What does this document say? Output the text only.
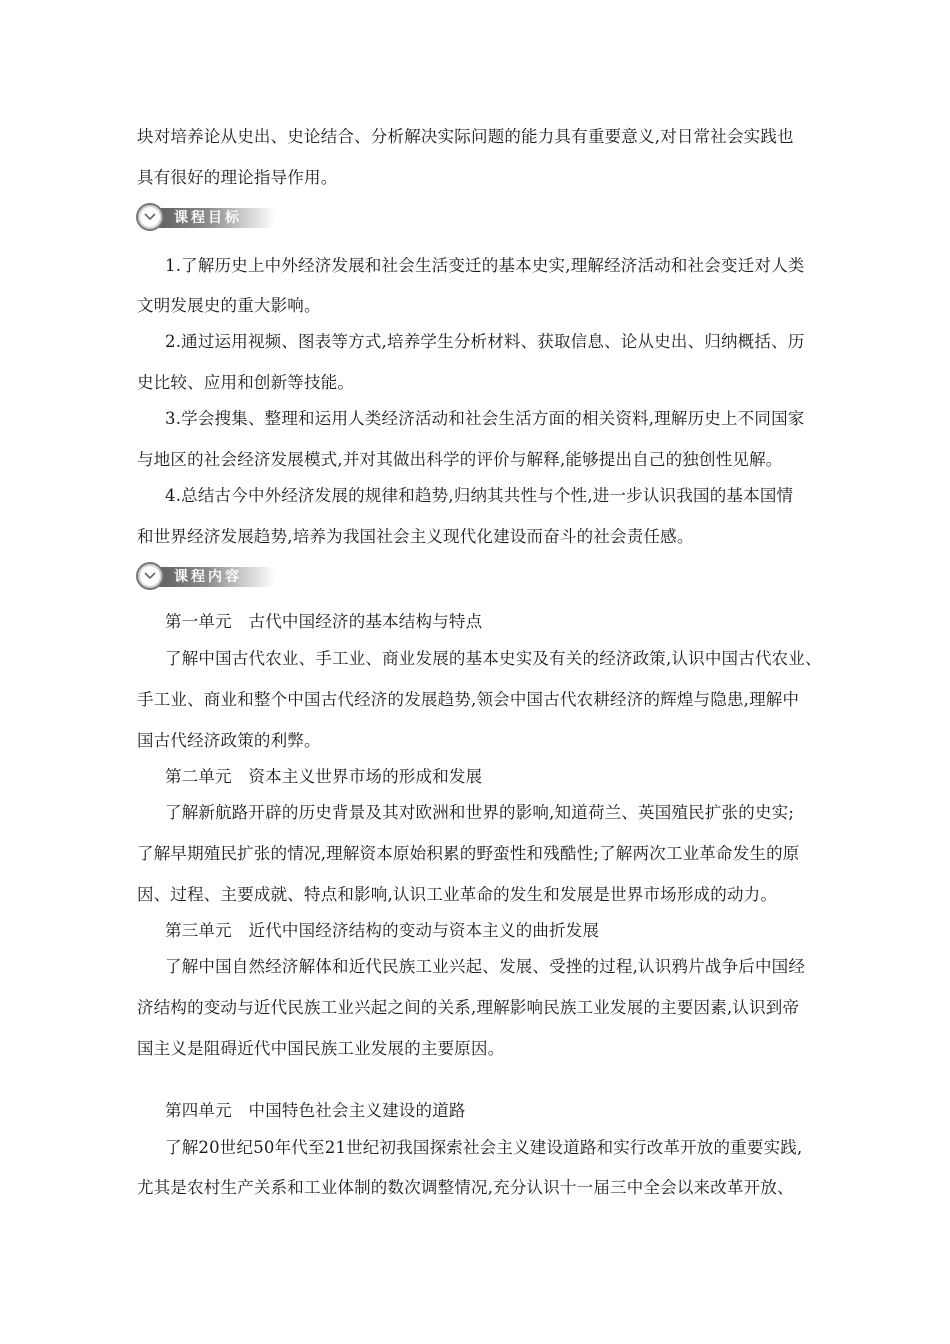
块对培养论从史出、史论结合、分析解决实际问题的能力具有重要意义,对日常社会实践也
具有很好的理论指导作用。
课程目标
1.了解历史上中外经济发展和社会生活变迁的基本史实,理解经济活动和社会变迁对人类
文明发展史的重大影响。
2.通过运用视频、图表等方式,培养学生分析材料、获取信息、论从史出、归纳概括、历
史比较、应用和创新等技能。
3.学会搜集、整理和运用人类经济活动和社会生活方面的相关资料,理解历史上不同国家
与地区的社会经济发展模式,并对其做出科学的评价与解释,能够提出自己的独创性见解。
4.总结古今中外经济发展的规律和趋势,归纳其共性与个性,进一步认识我国的基本国情
和世界经济发展趋势,培养为我国社会主义现代化建设而奋斗的社会责任感。
课程内容
第一单元　古代中国经济的基本结构与特点
了解中国古代农业、手工业、商业发展的基本史实及有关的经济政策,认识中国古代农业、
手工业、商业和整个中国古代经济的发展趋势,领会中国古代农耕经济的辉煌与隐患,理解中
国古代经济政策的利弊。
第二单元　资本主义世界市场的形成和发展
了解新航路开辟的历史背景及其对欧洲和世界的影响,知道荷兰、英国殖民扩张的史实;
了解早期殖民扩张的情况,理解资本原始积累的野蛮性和残酷性;了解两次工业革命发生的原
因、过程、主要成就、特点和影响,认识工业革命的发生和发展是世界市场形成的动力。
第三单元　近代中国经济结构的变动与资本主义的曲折发展
了解中国自然经济解体和近代民族工业兴起、发展、受挫的过程,认识鸦片战争后中国经
济结构的变动与近代民族工业兴起之间的关系,理解影响民族工业发展的主要因素,认识到帝
国主义是阻碍近代中国民族工业发展的主要原因。
第四单元　中国特色社会主义建设的道路
了解20世纪50年代至21世纪初我国探索社会主义建设道路和实行改革开放的重要实践,
尤其是农村生产关系和工业体制的数次调整情况,充分认识十一届三中全会以来改革开放、
